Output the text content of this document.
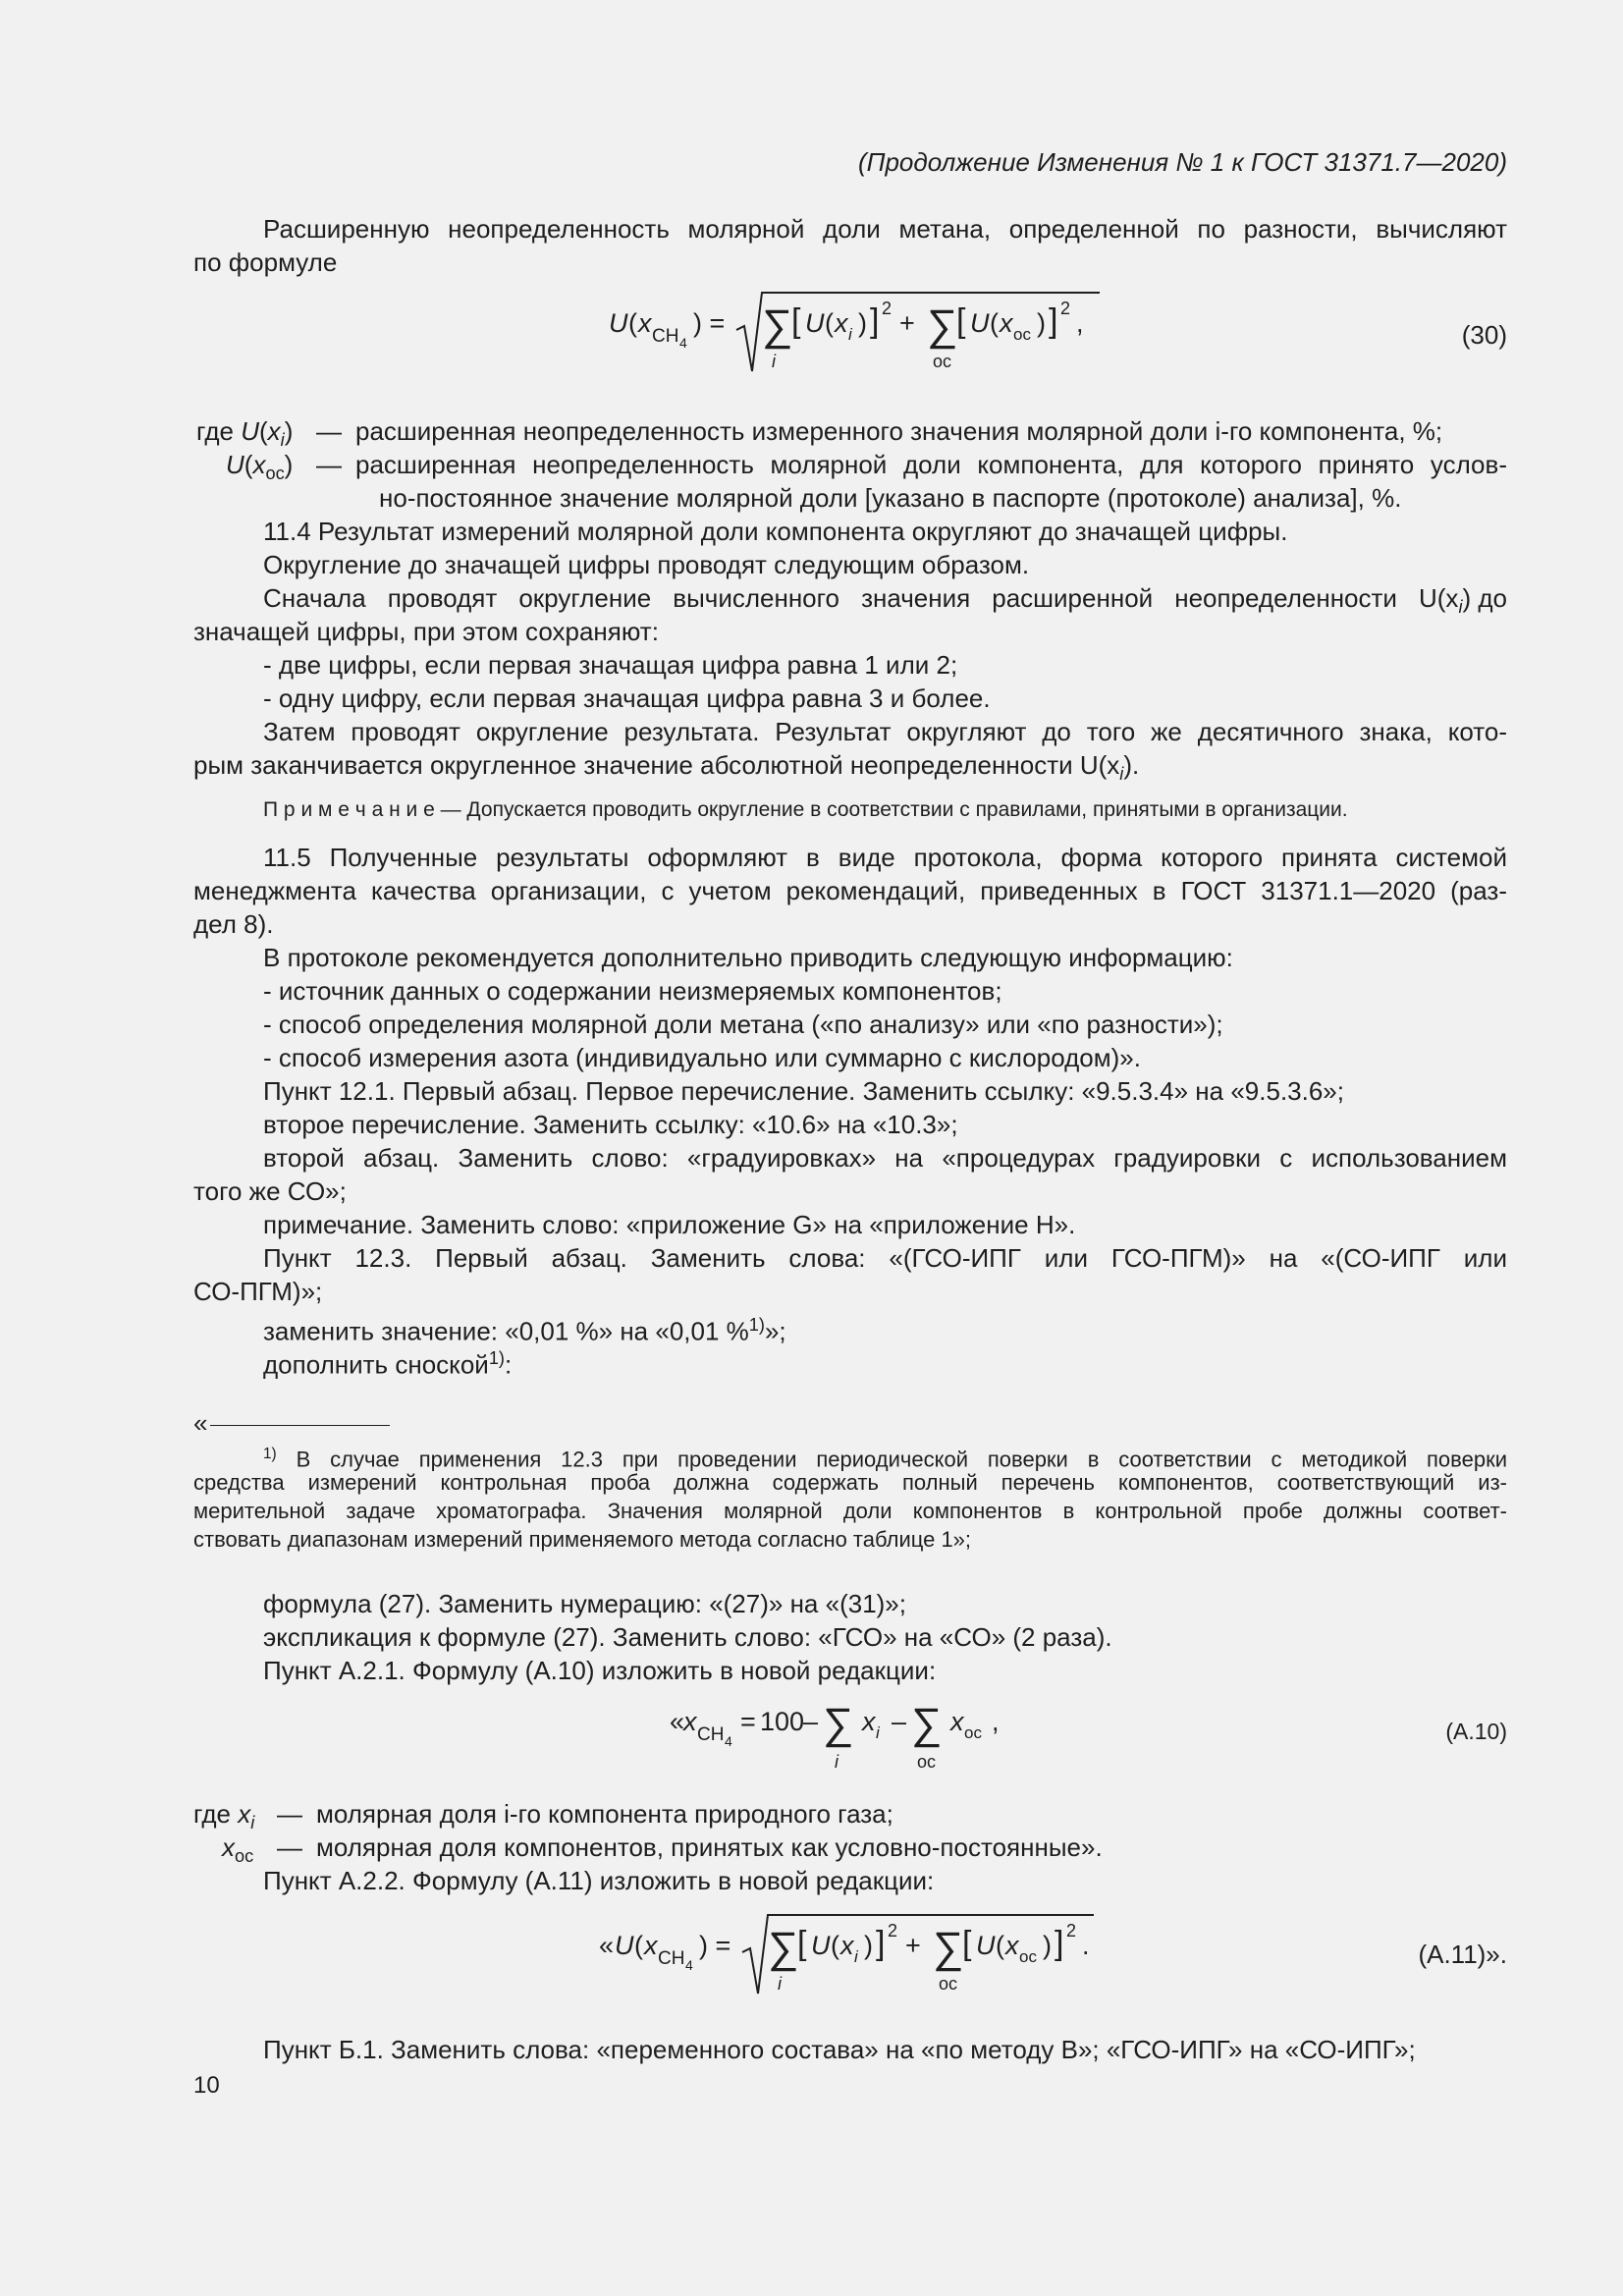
(Продолжение Изменения № 1 к ГОСТ 31371.7—2020)
Расширенную неопределенность молярной доли метана, определенной по разности, вычисляют
по формуле
U ( x CH 4
) = ∑
i
[ U ( x i ) ] 2 + ∑
ос
[ U ( x ос ) ] 2 ,	(30)
где $U(x_i)$ — расширенная неопределенность измеренного значения молярной доли i-го компонента, %;
$U(x_{ос})$ — расширенная неопределенность молярной доли компонента, для которого принято услов-
но-постоянное значение молярной доли [указано в паспорте (протоколе) анализа], %.
11.4 Результат измерений молярной доли компонента округляют до значащей цифры.
Округление до значащей цифры проводят следующим образом.
Сначала проводят округление вычисленного значения расширенной неопределенности U(x $_i$ ) до
значащей цифры, при этом сохраняют:
- две цифры, если первая значащая цифра равна 1 или 2;
- одну цифру, если первая значащая цифра равна 3 и более.
Затем проводят округление результата. Результат округляют до того же десятичного знака, кото-
рым заканчивается округленное значение абсолютной неопределенности $U(x_i)$.
П р и м е ч а н и е — Допускается проводить округление в соответствии с правилами, принятыми в организации.
11.5 Полученные результаты оформляют в виде протокола, форма которого принята системой
менеджмента качества организации, с учетом рекомендаций, приведенных в ГОСТ 31371.1—2020 (раз-
дел 8).
В протоколе рекомендуется дополнительно приводить следующую информацию:
- источник данных о содержании неизмеряемых компонентов;
- способ определения молярной доли метана («по анализу» или «по разности»);
- способ измерения азота (индивидуально или суммарно с кислородом)».
Пункт 12.1. Первый абзац. Первое перечисление. Заменить ссылку: «9.5.3.4» на «9.5.3.6»;
второе перечисление. Заменить ссылку: «10.6» на «10.3»;
второй абзац. Заменить слово: «градуировках» на «процедурах градуировки с использованием
того же СО»;
примечание. Заменить слово: «приложение G» на «приложение H».
Пункт 12.3. Первый абзац. Заменить слова: «(ГСО-ИПГ или ГСО-ПГМ)» на «(СО-ИПГ или
СО-ПГМ)»;
заменить значение: «0,01 %» на «0,01 %$^{1)}$»;
дополнить сноской$^{1)}$:
«
$^{1)}$ В случае применения 12.3 при проведении периодической поверки в соответствии с методикой поверки
средства измерений контрольная проба должна содержать полный перечень компонентов, соответствующий из-
мерительной задаче хроматографа. Значения молярной доли компонентов в контрольной пробе должны соответ-
ствовать диапазонам измерений применяемого метода согласно таблице 1»;
формула (27). Заменить нумерацию: «(27)» на «(31)»;
экспликация к формуле (27). Заменить слово: «ГСО» на «СО» (2 раза).
Пункт А.2.1. Формулу (А.10) изложить в новой редакции:
«
x CH 4
= 100
– ∑
i
x i – ∑
ос
x ос ,	(А.10)
где $x_i$ — молярная доля i-го компонента природного газа;
$x_{ос}$ — молярная доля компонентов, принятых как условно-постоянные».
Пункт А.2.2. Формулу (А.11) изложить в новой редакции:
« U ( x CH 4
) = ∑
i
[ U ( x i ) ] 2 + ∑
ос
[ U ( x ос ) ] 2 .	(А.11)».
Пункт Б.1. Заменить слова: «переменного состава» на «по методу В»; «ГСО-ИПГ» на «СО-ИПГ»;
10
